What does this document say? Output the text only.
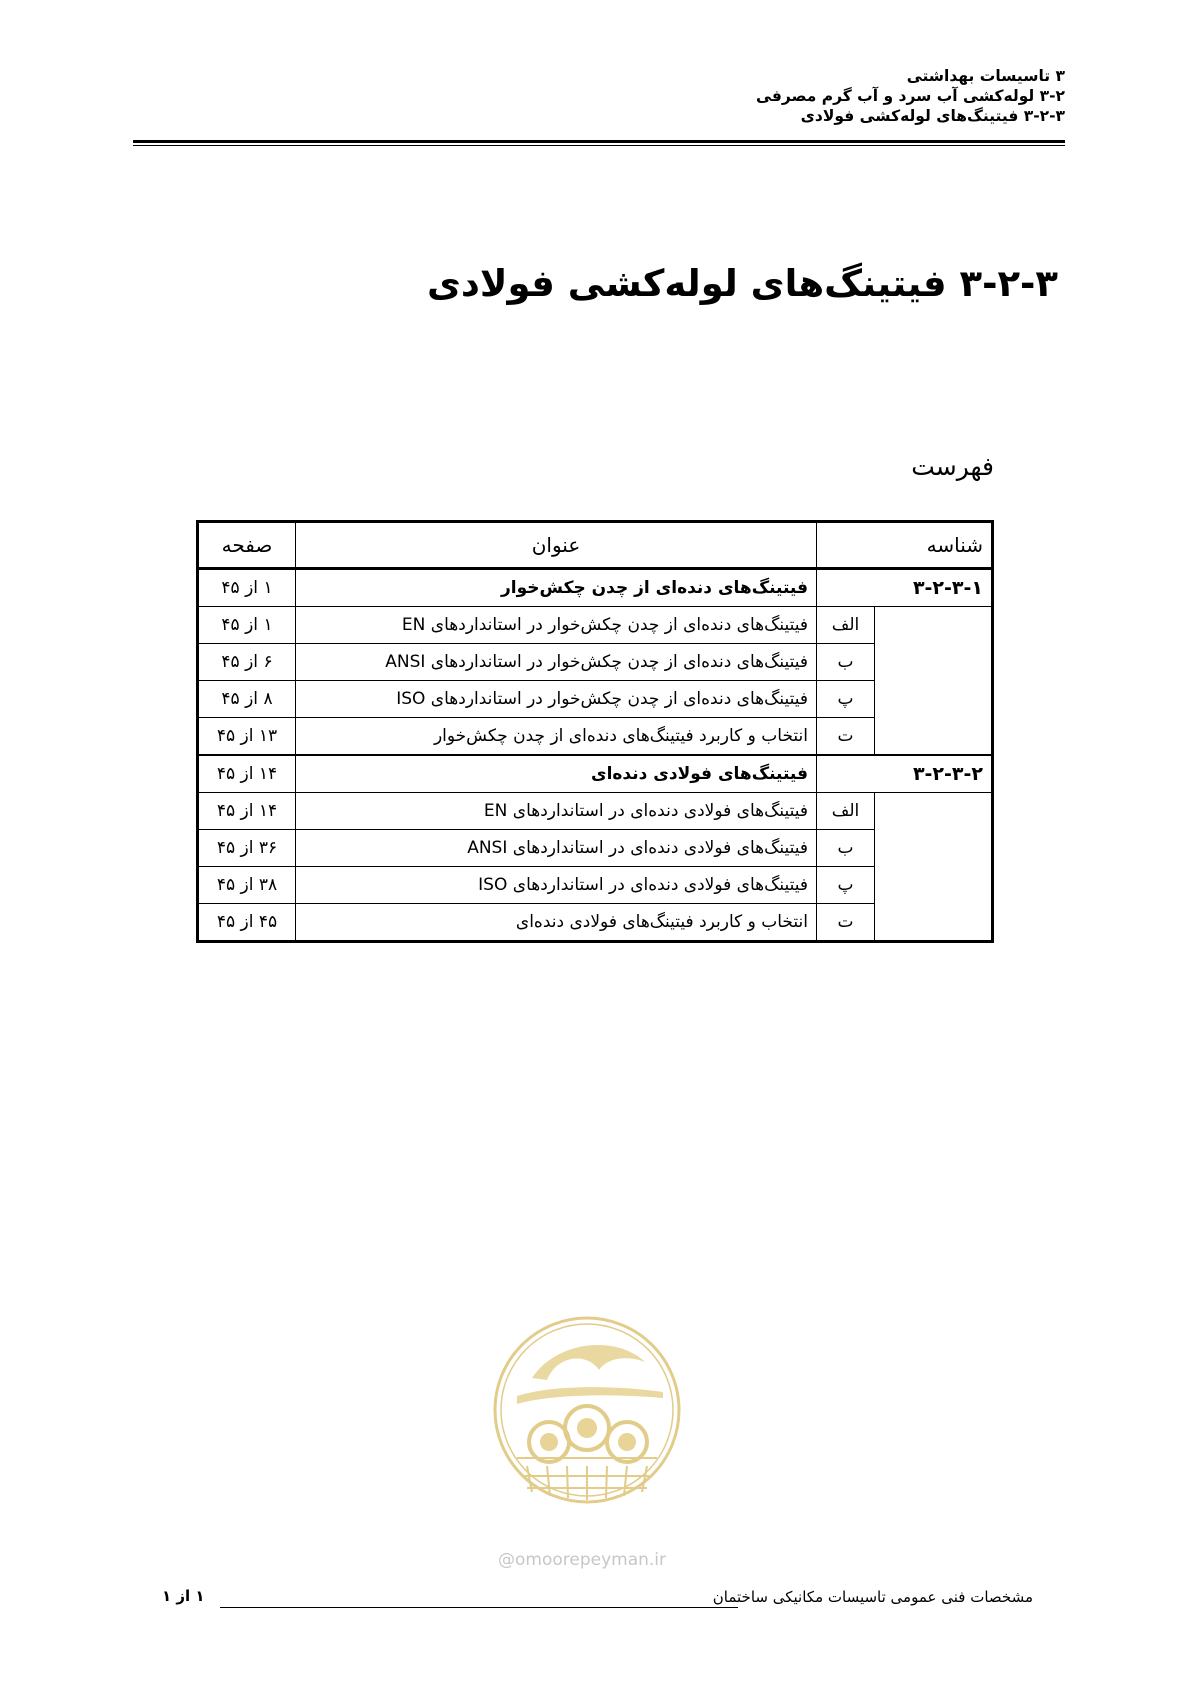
۳ تاسیسات بهداشتی
۳-۲ لوله‌کشی آب سرد و آب گرم مصرفی
۳-۲-۳ فیتینگ‌های لوله‌کشی فولادی
۳-۲-۳ فیتینگ‌های لوله‌کشی فولادی
فهرست
شناسه		عنوان	صفحه
۳-۲-۳-۱		فیتینگ‌های دنده‌ای از چدن چکش‌خوار	۱ از ۴۵
	الف	فیتینگ‌های دنده‌ای از چدن چکش‌خوار در استانداردهای EN	۱ از ۴۵
	ب	فیتینگ‌های دنده‌ای از چدن چکش‌خوار در استانداردهای ANSI	۶ از ۴۵
	پ	فیتینگ‌های دنده‌ای از چدن چکش‌خوار در استانداردهای ISO	۸ از ۴۵
	ت	انتخاب و کاربرد فیتینگ‌های دنده‌ای از چدن چکش‌خوار	۱۳ از ۴۵
۳-۲-۳-۲		فیتینگ‌های فولادی دنده‌ای	۱۴ از ۴۵
	الف	فیتینگ‌های فولادی دنده‌ای در استانداردهای EN	۱۴ از ۴۵
	ب	فیتینگ‌های فولادی دنده‌ای در استانداردهای ANSI	۳۶ از ۴۵
	پ	فیتینگ‌های فولادی دنده‌ای در استانداردهای ISO	۳۸ از ۴۵
	ت	انتخاب و کاربرد فیتینگ‌های فولادی دنده‌ای	۴۵ از ۴۵
@omoorepeyman.ir
مشخصات فنی عمومی تاسیسات مکانیکی ساختمان
۱ از ۱
